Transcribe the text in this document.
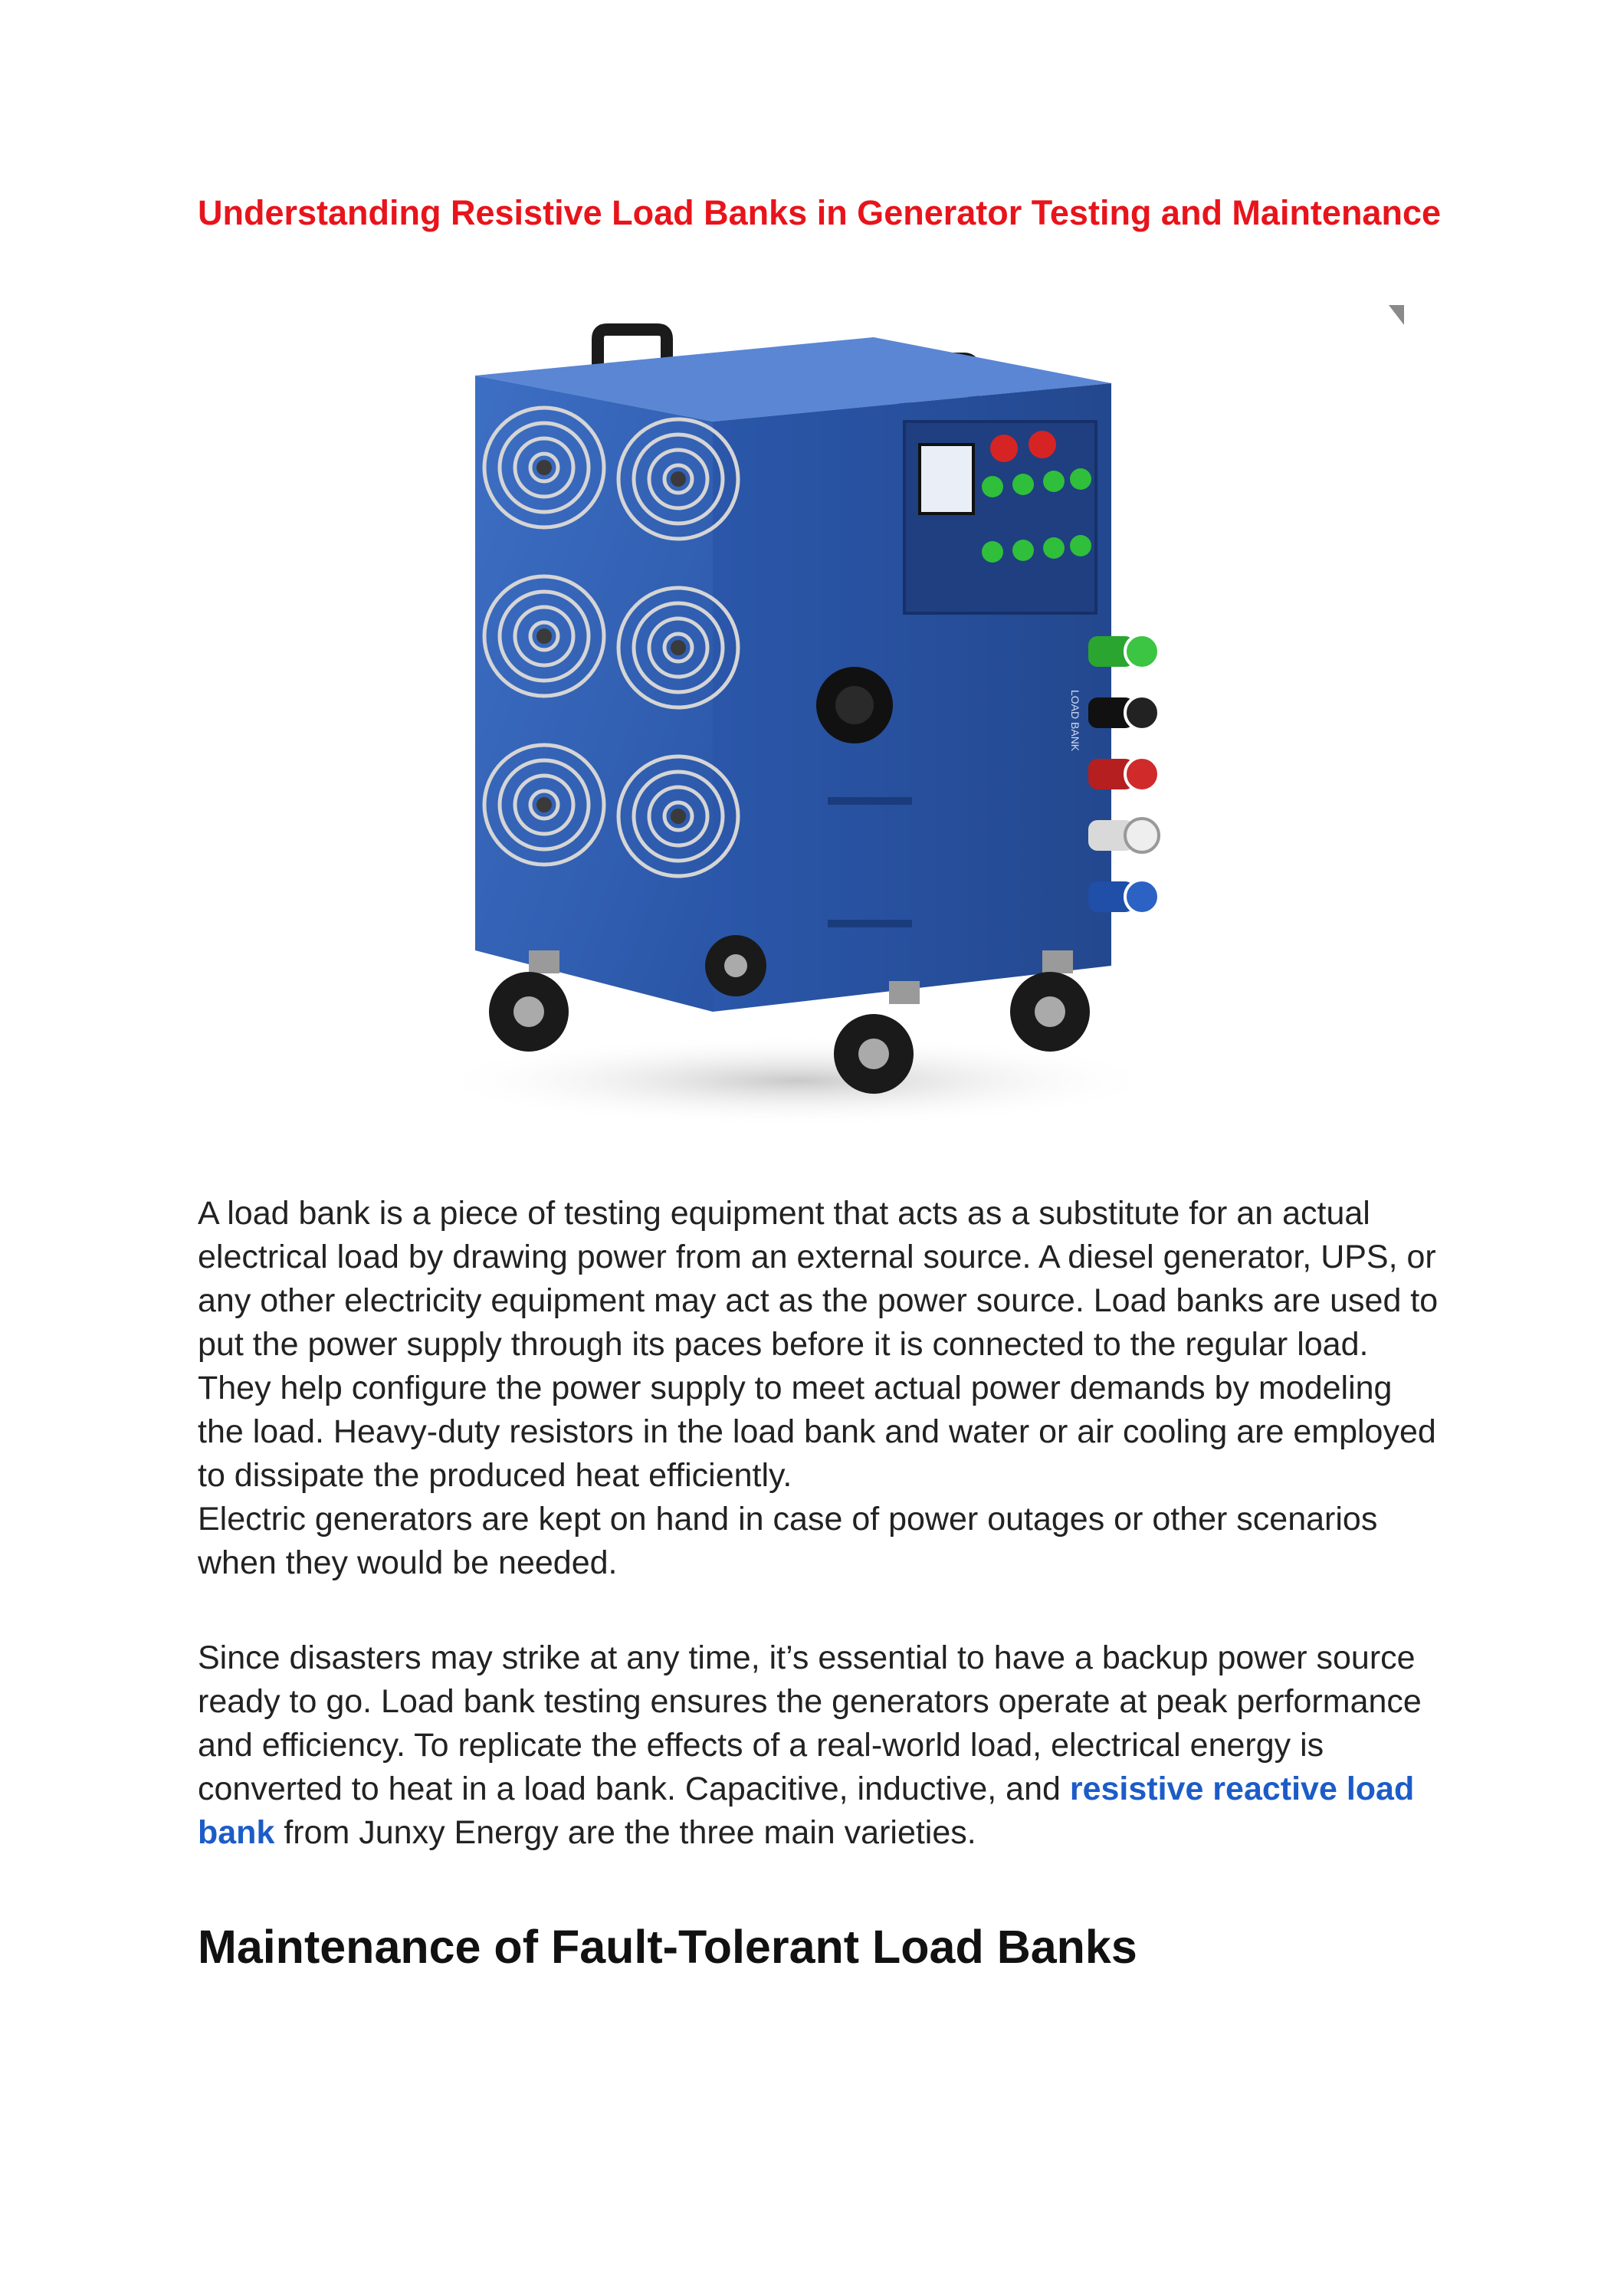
Understanding Resistive Load Banks in Generator Testing and Maintenance
LOAD BANK
A load bank is a piece of testing equipment that acts as a substitute for an actual electrical load by drawing power from an external source. A diesel generator, UPS, or any other electricity equipment may act as the power source. Load banks are used to put the power supply through its paces before it is connected to the regular load. They help configure the power supply to meet actual power demands by modeling the load. Heavy-duty resistors in the load bank and water or air cooling are employed to dissipate the produced heat efficiently.
Electric generators are kept on hand in case of power outages or other scenarios when they would be needed.

Since disasters may strike at any time, it’s essential to have a backup power source ready to go. Load bank testing ensures the generators operate at peak performance and efficiency. To replicate the effects of a real-world load, electrical energy is converted to heat in a load bank. Capacitive, inductive, and resistive reactive load bank from Junxy Energy are the three main varieties.

Maintenance of Fault-Tolerant Load Banks
